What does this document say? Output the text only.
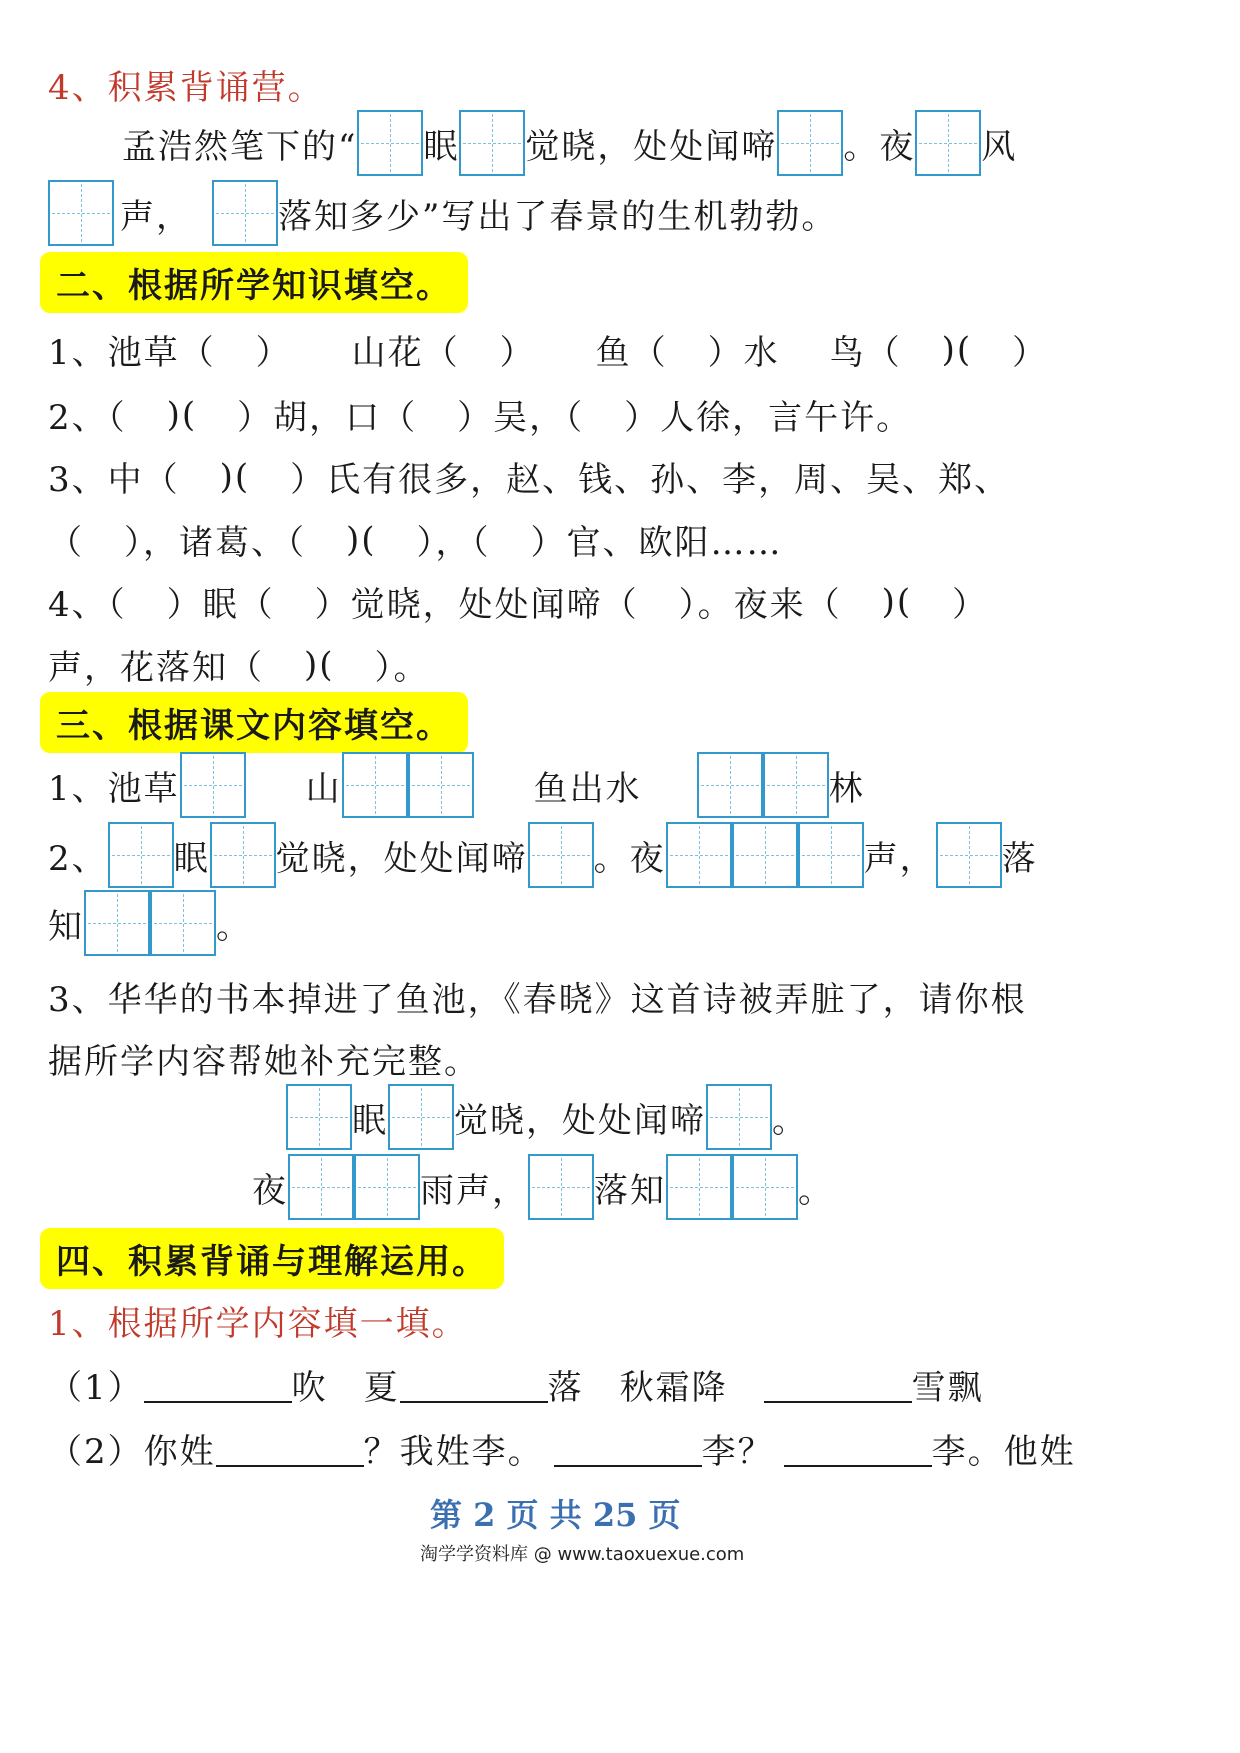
4、积累背诵营。
孟浩然笔下的“ 眠 觉晓，处处闻啼 。夜 风
声，	落知多少”写出了春景的生机勃勃。
二、根据所学知识填空。
1、池草（ ） 山花（ ） 鱼（ ）水 鸟（ )( ）
2、（ )( ）胡，口（ ）吴，（ ）人徐，言午许。
3、中（ )( ）氏有很多，赵、钱、孙、李，周、吴、郑、
（ ），诸葛、（ )( ），（ ）官、欧阳……
4、（ ）眠（ ）觉晓，处处闻啼（ ）。夜来（ )( ）
声，花落知（ )( ）。
三、根据课文内容填空。
1、池草	山	鱼出水	林
2、 眠 觉晓，处处闻啼 。夜	声， 落
知	。
3、华华的书本掉进了鱼池，《春晓》这首诗被弄脏了，请你根
据所学内容帮她补充完整。
眠 觉晓，处处闻啼 。
夜	雨声， 落知	。
四、积累背诵与理解运用。
1、根据所学内容填一填。
（1）	吹 夏	落 秋霜降	雪飘
（2）你姓	？我姓李。	李？	李。他姓
第 2 页 共 25 页
淘学学资料库 @ www.taoxuexue.com
